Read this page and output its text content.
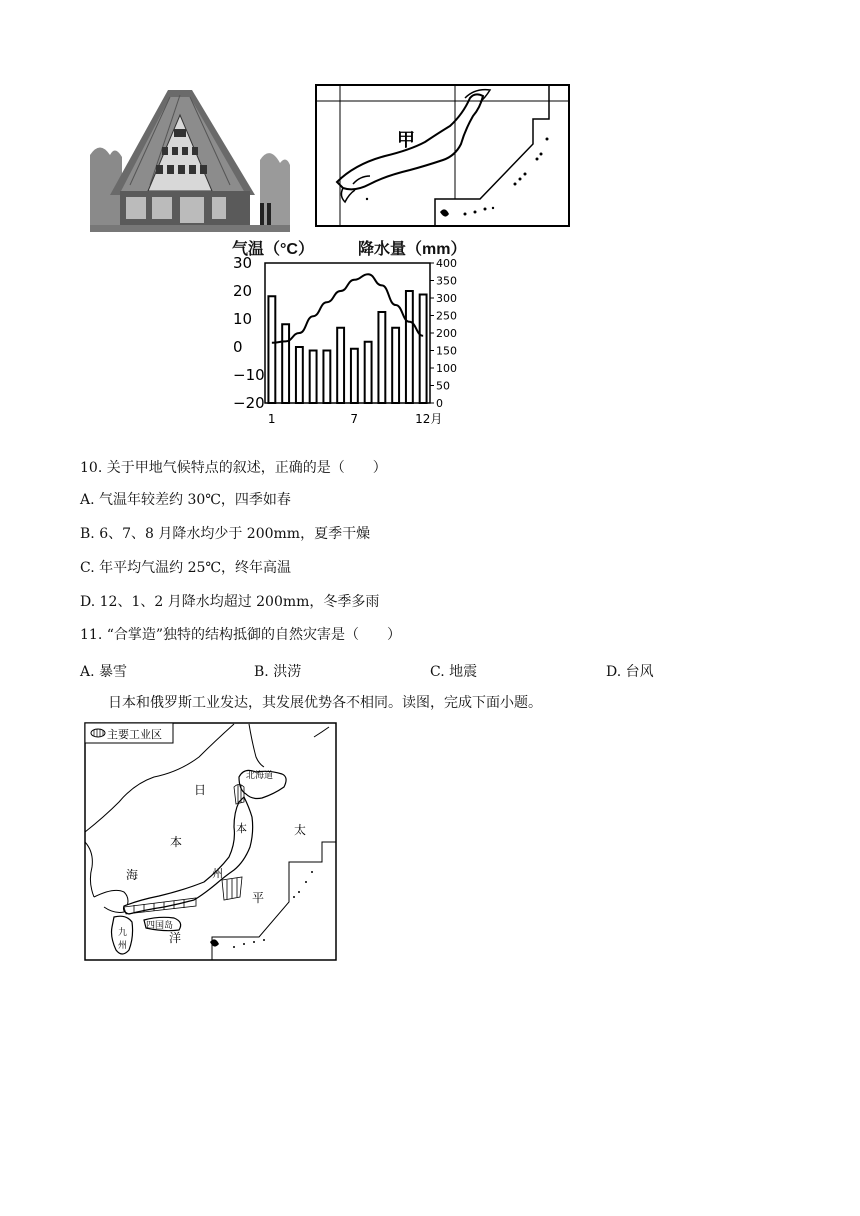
甲
气温（°C）	降水量（mm）
30
20
10
0
−10
−20
400
350
300
250
200
150
100
50
0
1	7	12月
10. 关于甲地气候特点的叙述，正确的是（　　）
A. 气温年较差约 30℃，四季如春
B. 6、7、8 月降水均少于 200mm，夏季干燥
C. 年平均气温约 25℃，终年高温
D. 12、1、2 月降水均超过 200mm，冬季多雨
11. “合掌造”独特的结构抵御的自然灾害是（　　）
A. 暴雪	B. 洪涝	C. 地震	D. 台风
日本和俄罗斯工业发达，其发展优势各不相同。读图，完成下面小题。
主要工业区
北海道
日
本
海
本
州
太
平
洋
四国岛
九
州
